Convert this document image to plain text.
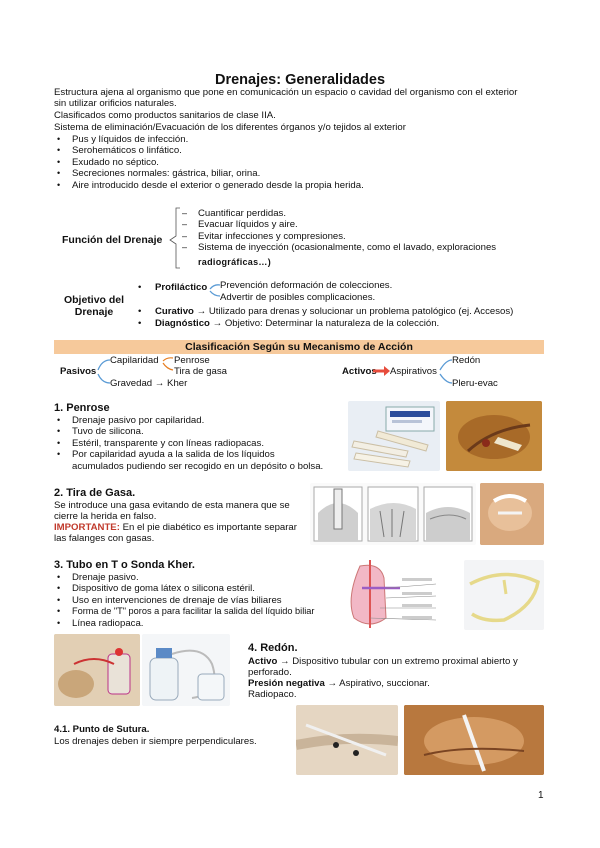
Drenajes: Generalidades
Estructura ajena al organismo que pone en comunicación un espacio o cavidad del organismo con el exterior
sin utilizar orificios naturales.
Clasificados como productos sanitarios de clase IIA.
Sistema de eliminación/Evacuación de los diferentes órganos y/o tejidos al exterior
• Pus y líquidos de infección.
• Serohemáticos o linfático.
• Exudado no séptico.
• Secreciones normales: gástrica, biliar, orina.
• Aire introducido desde el exterior o generado desde la propia herida.
Función del Drenaje
– Cuantificar perdidas.
– Evacuar líquidos y aire.
– Evitar infecciones y compresiones.
– Sistema de inyección (ocasionalmente, como el lavado, exploraciones
radiográficas…)
Objetivo del
Drenaje
• Profiláctico Prevención deformación de colecciones.
Advertir de posibles complicaciones.
• Curativo → Utilizado para drenas y solucionar un problema patológico (ej. Accesos)
• Diagnóstico → Objetivo: Determinar la naturaleza de la colección.
Clasificación Según su Mecanismo de Acción
Pasivos
Capilaridad Penrose
Tira de gasa
Gravedad → Kher
Activos Aspirativos
Redón
Pleru-evac
1. Penrose
• Drenaje pasivo por capilaridad.
• Tuvo de silicona.
• Estéril, transparente y con líneas radiopacas.
• Por capilaridad ayuda a la salida de los líquidos
acumulados pudiendo ser recogido en un depósito o bolsa.
2. Tira de Gasa.
Se introduce una gasa evitando de esta manera que se
cierre la herida en falso.
IMPORTANTE: En el pie diabético es importante separar
las falanges con gasas.
3. Tubo en T o Sonda Kher.
• Drenaje pasivo.
• Dispositivo de goma látex o silicona estéril.
• Uso en intervenciones de drenaje de vías biliares
• Forma de "T" poros a para facilitar la salida del líquido biliar
• Línea radiopaca.
4. Redón.
Activo → Dispositivo tubular con un extremo proximal abierto y
perforado.
Presión negativa → Aspirativo, succionar.
Radiopaco.
4.1. Punto de Sutura.
Los drenajes deben ir siempre perpendiculares.
1
